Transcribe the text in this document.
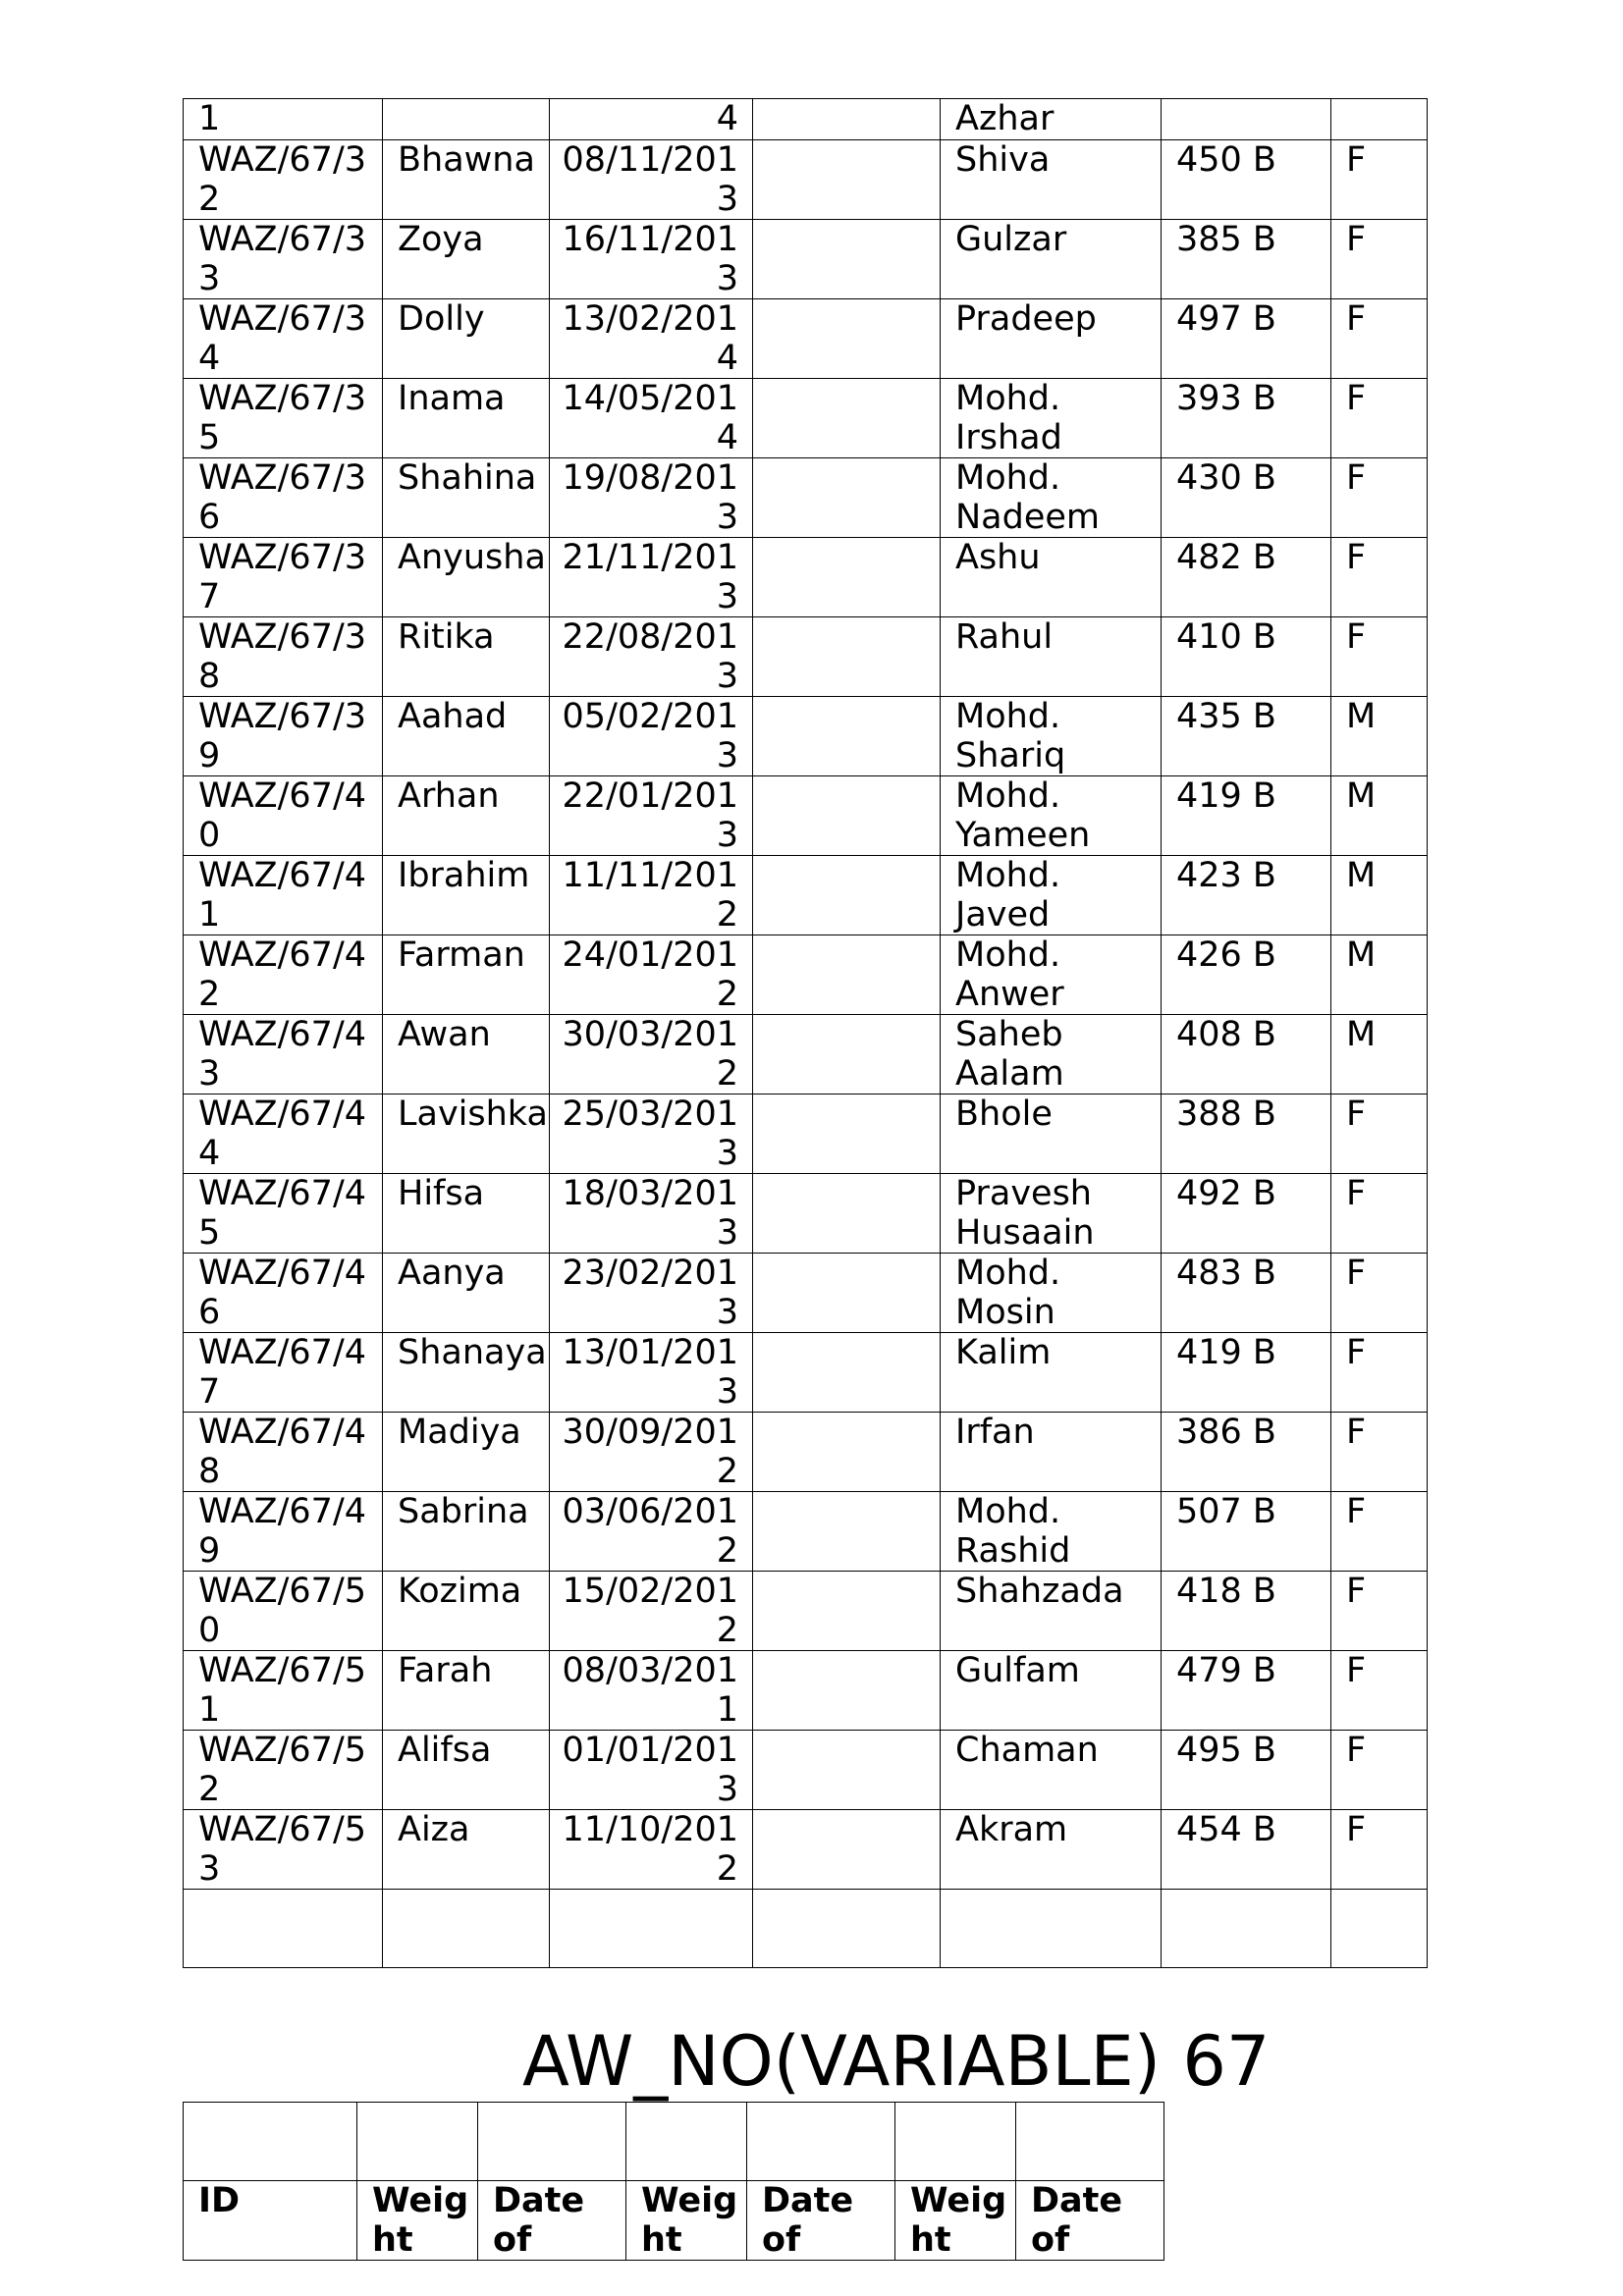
1		4		Azhar		
WAZ/67/32	Bhawna	08/11/2013		Shiva	450 B	F
WAZ/67/33	Zoya	16/11/2013		Gulzar	385 B	F
WAZ/67/34	Dolly	13/02/2014		Pradeep	497 B	F
WAZ/67/35	Inama	14/05/2014		Mohd. Irshad	393 B	F
WAZ/67/36	Shahina	19/08/2013		Mohd. Nadeem	430 B	F
WAZ/67/37	Anyusha	21/11/2013		Ashu	482 B	F
WAZ/67/38	Ritika	22/08/2013		Rahul	410 B	F
WAZ/67/39	Aahad	05/02/2013		Mohd. Shariq	435 B	M
WAZ/67/40	Arhan	22/01/2013		Mohd. Yameen	419 B	M
WAZ/67/41	Ibrahim	11/11/2012		Mohd. Javed	423 B	M
WAZ/67/42	Farman	24/01/2012		Mohd. Anwer	426 B	M
WAZ/67/43	Awan	30/03/2012		Saheb Aalam	408 B	M
WAZ/67/44	Lavishka	25/03/2013		Bhole	388 B	F
WAZ/67/45	Hifsa	18/03/2013		Pravesh Husaain	492 B	F
WAZ/67/46	Aanya	23/02/2013		Mohd. Mosin	483 B	F
WAZ/67/47	Shanaya	13/01/2013		Kalim	419 B	F
WAZ/67/48	Madiya	30/09/2012		Irfan	386 B	F
WAZ/67/49	Sabrina	03/06/2012		Mohd. Rashid	507 B	F
WAZ/67/50	Kozima	15/02/2012		Shahzada	418 B	F
WAZ/67/51	Farah	08/03/2011		Gulfam	479 B	F
WAZ/67/52	Alifsa	01/01/2013		Chaman	495 B	F
WAZ/67/53	Aiza	11/10/2012		Akram	454 B	F

AW_NO(VARIABLE) 67

ID	Weight	Date of	Weight	Date of	Weight	Date of
